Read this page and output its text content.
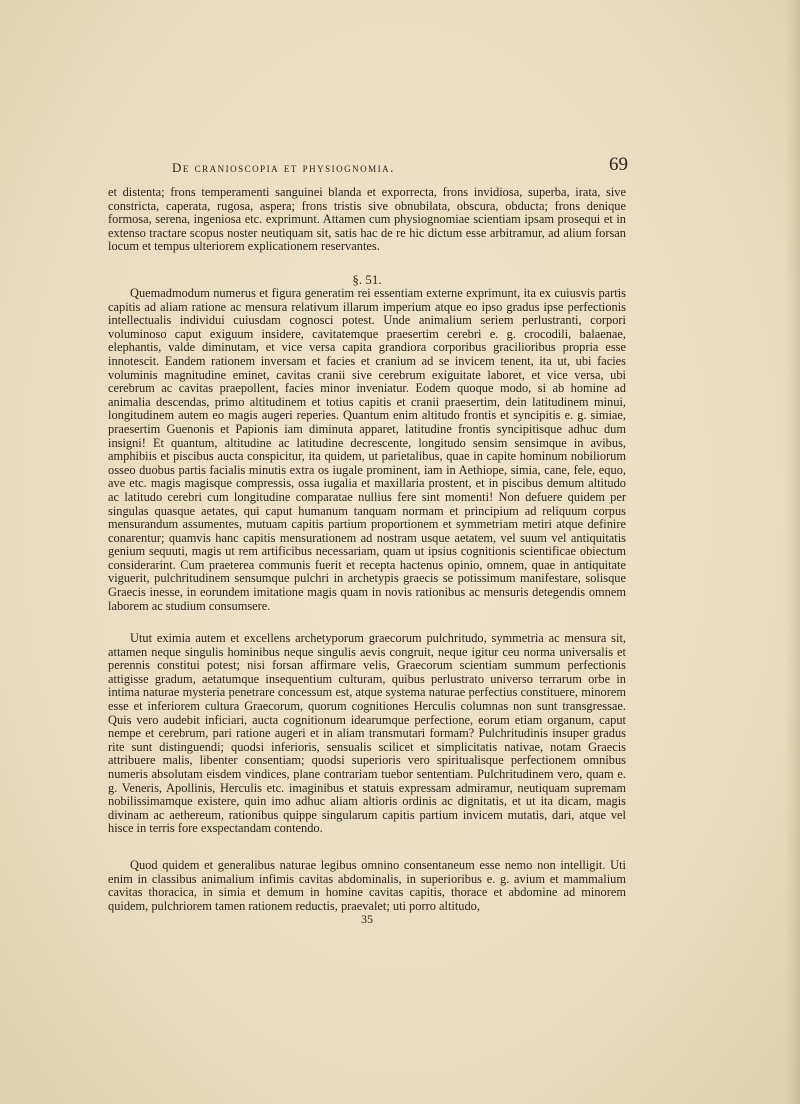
De cranioscopia et physiognomia.	69
et distenta; frons temperamenti sanguinei blanda et exporrecta, frons invidiosa, superba, irata, sive constricta, caperata, rugosa, aspera; frons tristis sive obnubilata, obscura, obducta; frons denique formosa, serena, ingeniosa etc. exprimunt. Attamen cum physiognomiae scientiam ipsam prosequi et in extenso tractare scopus noster neutiquam sit, satis hac de re hic dictum esse arbitramur, ad alium forsan locum et tempus ulteriorem explicationem reservantes.
§. 51.
Quemadmodum numerus et figura generatim rei essentiam externe exprimunt, ita ex cuiusvis partis capitis ad aliam ratione ac mensura relativum illarum imperium atque eo ipso gradus ipse perfectionis intellectualis individui cuiusdam cognosci potest. Unde animalium seriem perlustranti, corpori voluminoso caput exiguum insidere, cavitatemque praesertim cerebri e. g. crocodili, balaenae, elephantis, valde diminutam, et vice versa capita grandiora corporibus gracilioribus propria esse innotescit. Eandem rationem inversam et facies et cranium ad se invicem tenent, ita ut, ubi facies voluminis magnitudine eminet, cavitas cranii sive cerebrum exiguitate laboret, et vice versa, ubi cerebrum ac cavitas praepollent, facies minor inveniatur. Eodem quoque modo, si ab homine ad animalia descendas, primo altitudinem et totius capitis et cranii praesertim, dein latitudinem minui, longitudinem autem eo magis augeri reperies. Quantum enim altitudo frontis et syncipitis e. g. simiae, praesertim Guenonis et Papionis iam diminuta apparet, latitudine frontis syncipitisque adhuc dum insigni! Et quantum, altitudine ac latitudine decrescente, longitudo sensim sensimque in avibus, amphibiis et piscibus aucta conspicitur, ita quidem, ut parietalibus, quae in capite hominum nobiliorum osseo duobus partis facialis minutis extra os iugale prominent, iam in Aethiope, simia, cane, fele, equo, ave etc. magis magisque compressis, ossa iugalia et maxillaria prostent, et in piscibus demum altitudo ac latitudo cerebri cum longitudine comparatae nullius fere sint momenti! Non defuere quidem per singulas quasque aetates, qui caput humanum tanquam normam et principium ad reliquum corpus mensurandum assumentes, mutuam capitis partium proportionem et symmetriam metiri atque definire conarentur; quamvis hanc capitis mensurationem ad nostram usque aetatem, vel suum vel antiquitatis genium sequuti, magis ut rem artificibus necessariam, quam ut ipsius cognitionis scientificae obiectum considerarint. Cum praeterea communis fuerit et recepta hactenus opinio, omnem, quae in antiquitate viguerit, pulchritudinem sensumque pulchri in archetypis graecis se potissimum manifestare, solisque Graecis inesse, in eorundem imitatione magis quam in novis rationibus ac mensuris detegendis omnem laborem ac studium consumsere.
Utut eximia autem et excellens archetyporum graecorum pulchritudo, symmetria ac mensura sit, attamen neque singulis hominibus neque singulis aevis congruit, neque igitur ceu norma universalis et perennis constitui potest; nisi forsan affirmare velis, Graecorum scientiam summum perfectionis attigisse gradum, aetatumque insequentium culturam, quibus perlustrato universo terrarum orbe in intima naturae mysteria penetrare concessum est, atque systema naturae perfectius constituere, minorem esse et inferiorem cultura Graecorum, quorum cognitiones Herculis columnas non sunt transgressae. Quis vero audebit inficiari, aucta cognitionum idearumque perfectione, eorum etiam organum, caput nempe et cerebrum, pari ratione augeri et in aliam transmutari formam? Pulchritudinis insuper gradus rite sunt distinguendi; quodsi inferioris, sensualis scilicet et simplicitatis nativae, notam Graecis attribuere malis, libenter consentiam; quodsi superioris vero spiritualisque perfectionem omnibus numeris absolutam eisdem vindices, plane contrariam tuebor sententiam. Pulchritudinem vero, quam e. g. Veneris, Apollinis, Herculis etc. imaginibus et statuis expressam admiramur, neutiquam supremam nobilissimamque existere, quin imo adhuc aliam altioris ordinis ac dignitatis, et ut ita dicam, magis divinam ac aethereum, rationibus quippe singularum capitis partium invicem mutatis, dari, atque vel hisce in terris fore exspectandam contendo.
Quod quidem et generalibus naturae legibus omnino consentaneum esse nemo non intelligit. Uti enim in classibus animalium infimis cavitas abdominalis, in superioribus e. g. avium et mammalium cavitas thoracica, in simia et demum in homine cavitas capitis, thorace et abdomine ad minorem quidem, pulchriorem tamen rationem reductis, praevalet; uti porro altitudo,
35
